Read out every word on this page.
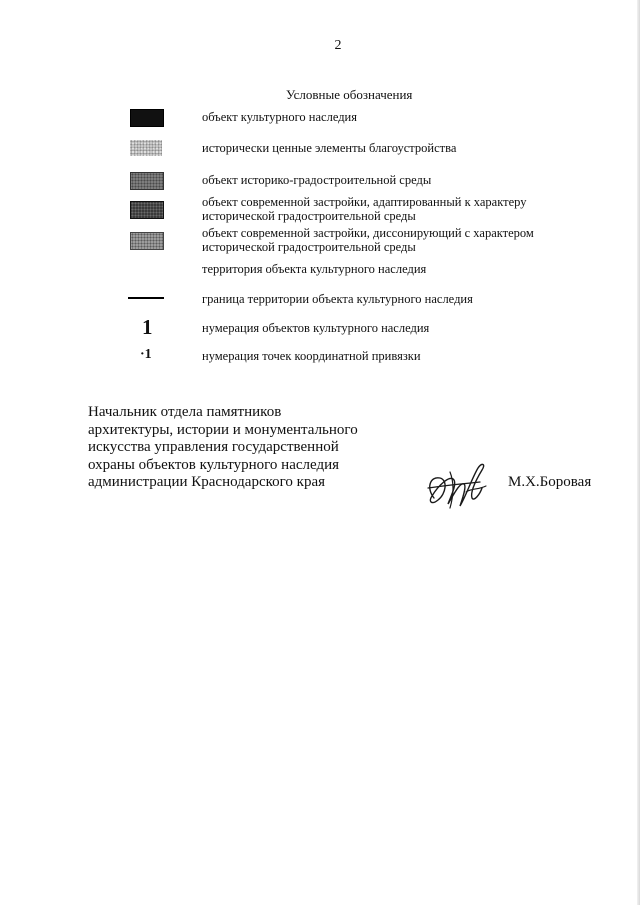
2
Условные обозначения
объект культурного наследия
исторически ценные элементы благоустройства
объект историко-градостроительной среды
объект современной застройки, адаптированный к характеру
исторической градостроительной среды
объект современной застройки, диссонирующий с характером
исторической градостроительной среды
территория объекта культурного наследия
граница территории объекта культурного наследия
1	нумерация объектов культурного наследия
·1	нумерация точек координатной привязки
Начальник отдела памятников
архитектуры, истории и монументального
искусства управления государственной
охраны объектов культурного наследия
администрации Краснодарского края	М.Х.Боровая
